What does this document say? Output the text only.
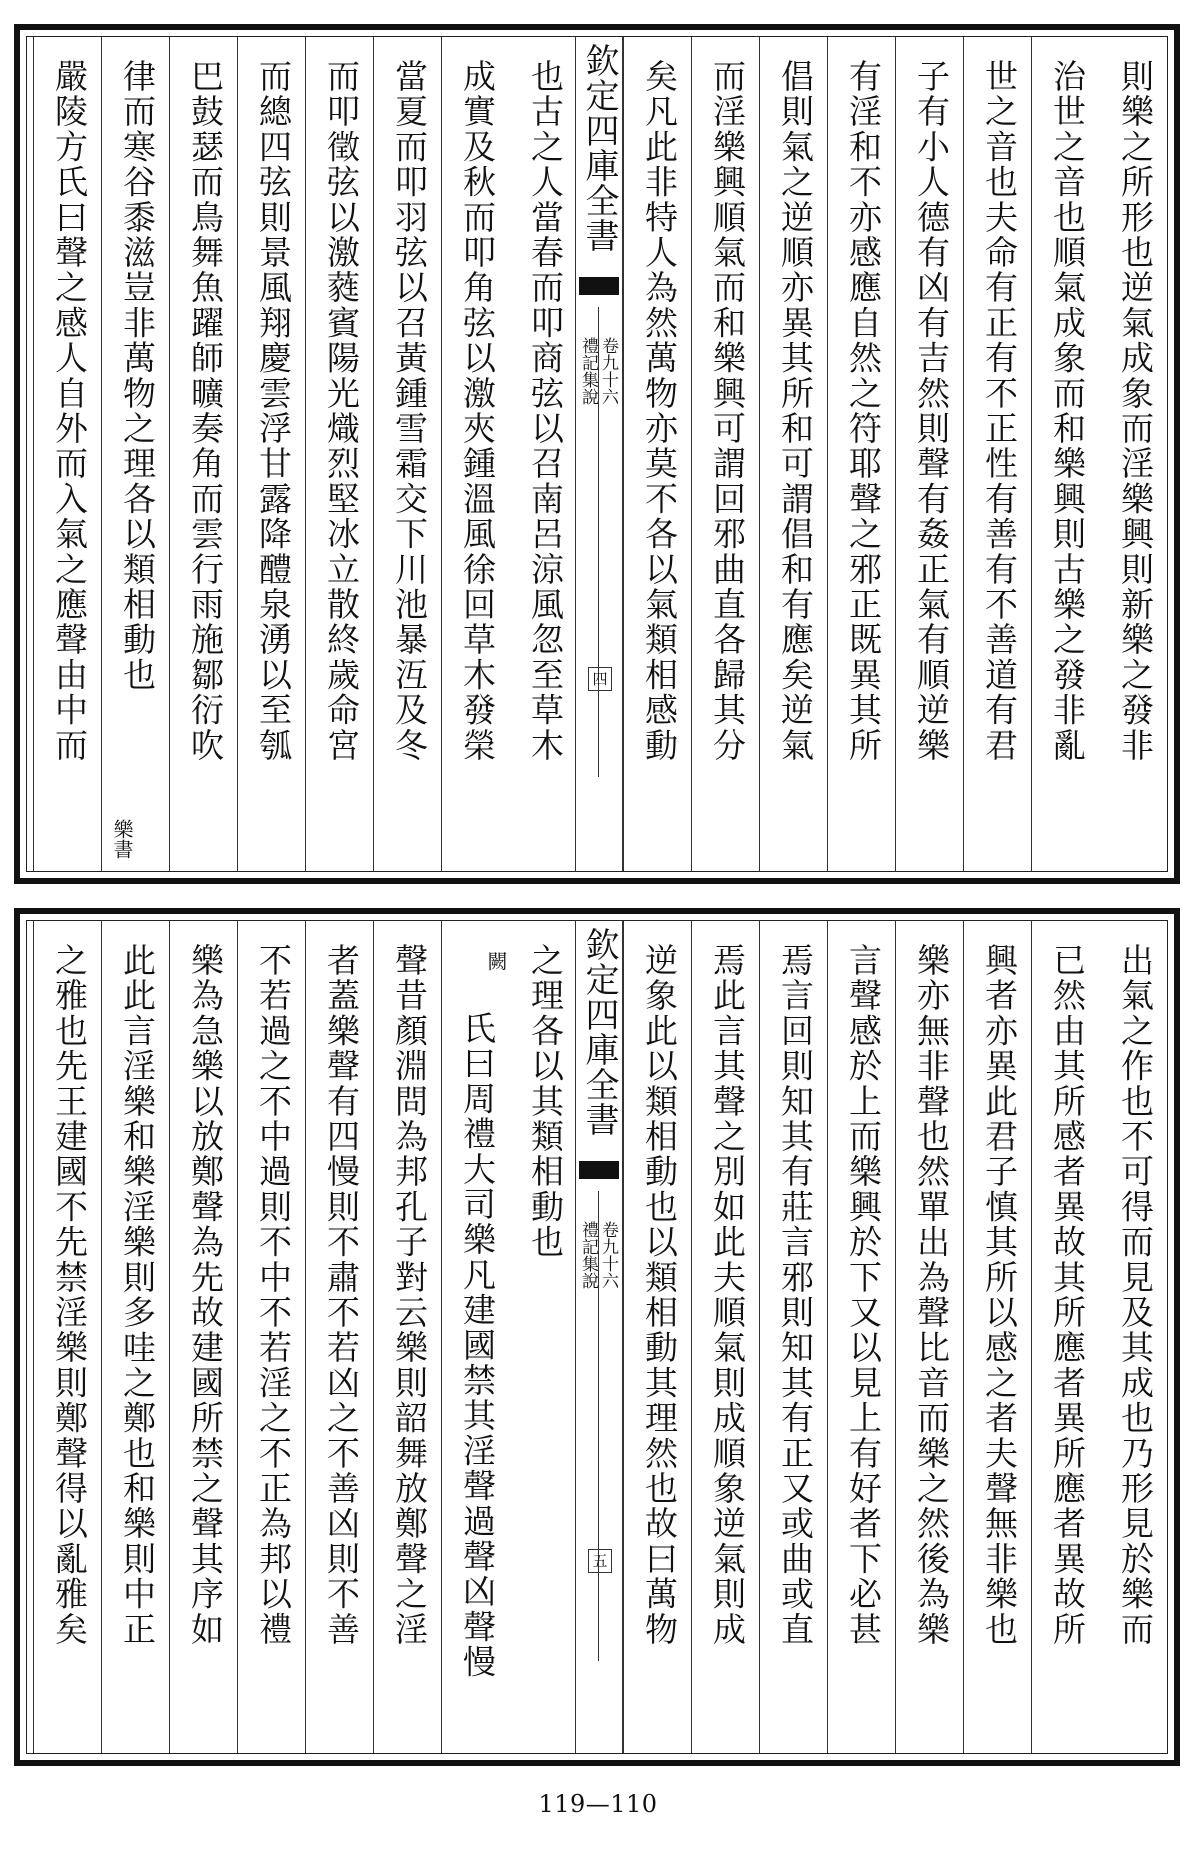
則樂之所形也逆氣成象而淫樂興則新樂之發非
治世之音也順氣成象而和樂興則古樂之發非亂
世之音也夫命有正有不正性有善有不善道有君
子有小人德有凶有吉然則聲有姦正氣有順逆樂
有淫和不亦感應自然之符耶聲之邪正既異其所
倡則氣之逆順亦異其所和可謂倡和有應矣逆氣
而淫樂興順氣而和樂興可謂回邪曲直各歸其分
矣凡此非特人為然萬物亦莫不各以氣類相感動
欽定四庫全書
禮記集說 卷九十六
四
也古之人當春而叩商弦以召南呂涼風忽至草木
成實及秋而叩角弦以激夾鍾溫風徐回草木發榮
當夏而叩羽弦以召黃鍾雪霜交下川池暴沍及冬
而叩徵弦以激蕤賓陽光熾烈堅冰立散終歲命宮
而總四弦則景風翔慶雲浮甘露降醴泉湧以至瓠
巴鼓瑟而鳥舞魚躍師曠奏角而雲行雨施鄒衍吹
律而寒谷黍滋豈非萬物之理各以類相動也
樂書
嚴陵方氏曰聲之感人自外而入氣之應聲由中而
出氣之作也不可得而見及其成也乃形見於樂而
已然由其所感者異故其所應者異所應者異故所
興者亦異此君子慎其所以感之者夫聲無非樂也
樂亦無非聲也然單出為聲比音而樂之然後為樂
言聲感於上而樂興於下又以見上有好者下必甚
焉言回則知其有莊言邪則知其有正又或曲或直
焉此言其聲之別如此夫順氣則成順象逆氣則成
逆象此以類相動也以類相動其理然也故曰萬物
欽定四庫全書
禮記集說 卷九十六
五
之理各以其類相動也
闕
氏曰周禮大司樂凡建國禁其淫聲過聲凶聲慢
聲昔顏淵問為邦孔子對云樂則韶舞放鄭聲之淫
者蓋樂聲有四慢則不肅不若凶之不善凶則不善
不若過之不中過則不中不若淫之不正為邦以禮
樂為急樂以放鄭聲為先故建國所禁之聲其序如
此此言淫樂和樂淫樂則多哇之鄭也和樂則中正
之雅也先王建國不先禁淫樂則鄭聲得以亂雅矣
119—110
